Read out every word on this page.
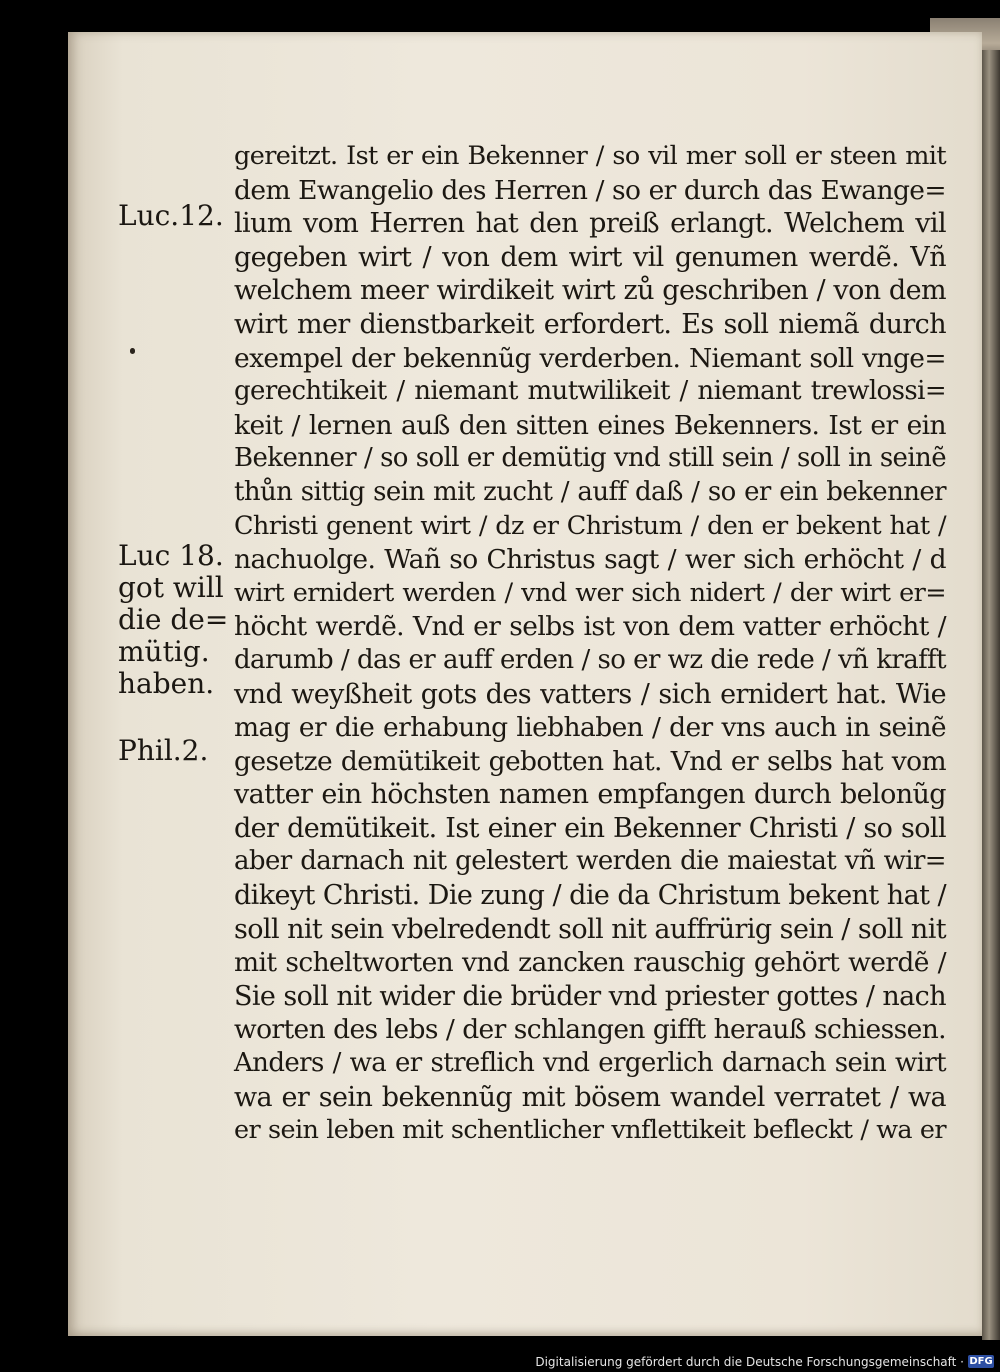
Luc.12.
Luc 18.
got will
die de=
mütig.
haben.
Phil.2.
gereitzt. Ist er ein Bekenner / so vil mer soll er steen mit
dem Ewangelio des Herren / so er durch das Ewange=
lium vom Herren hat den preiß erlangt. Welchem vil
gegeben wirt / von dem wirt vil genumen werdẽ. Vñ
welchem meer wirdikeit wirt zů geschriben / von dem
wirt mer dienstbarkeit erfordert. Es soll niemã durch
exempel der bekennũg verderben. Niemant soll vnge=
gerechtikeit / niemant mutwilikeit / niemant trewlossi=
keit / lernen auß den sitten eines Bekenners. Ist er ein
Bekenner / so soll er demütig vnd still sein / soll in seinẽ
thůn sittig sein mit zucht / auff daß / so er ein bekenner
Christi genent wirt / dz er Christum / den er bekent hat /
nachuolge. Wañ so Christus sagt / wer sich erhöcht / d
wirt ernidert werden / vnd wer sich nidert / der wirt er=
höcht werdẽ. Vnd er selbs ist von dem vatter erhöcht /
darumb / das er auff erden / so er wz die rede / vñ krafft
vnd weyßheit gots des vatters / sich ernidert hat. Wie
mag er die erhabung liebhaben / der vns auch in seinẽ
gesetze demütikeit gebotten hat. Vnd er selbs hat vom
vatter ein höchsten namen empfangen durch belonũg
der demütikeit. Ist einer ein Bekenner Christi / so soll
aber darnach nit gelestert werden die maiestat vñ wir=
dikeyt Christi. Die zung / die da Christum bekent hat /
soll nit sein vbelredendt soll nit auffrürig sein / soll nit
mit scheltworten vnd zancken rauschig gehört werdẽ /
Sie soll nit wider die brüder vnd priester gottes / nach
worten des lebs / der schlangen gifft herauß schiessen.
Anders / wa er streflich vnd ergerlich darnach sein wirt
wa er sein bekennũg mit bösem wandel verratet / wa
er sein leben mit schentlicher vnflettikeit befleckt / wa er
Digitalisierung gefördert durch die Deutsche Forschungsgemeinschaft · DFG
